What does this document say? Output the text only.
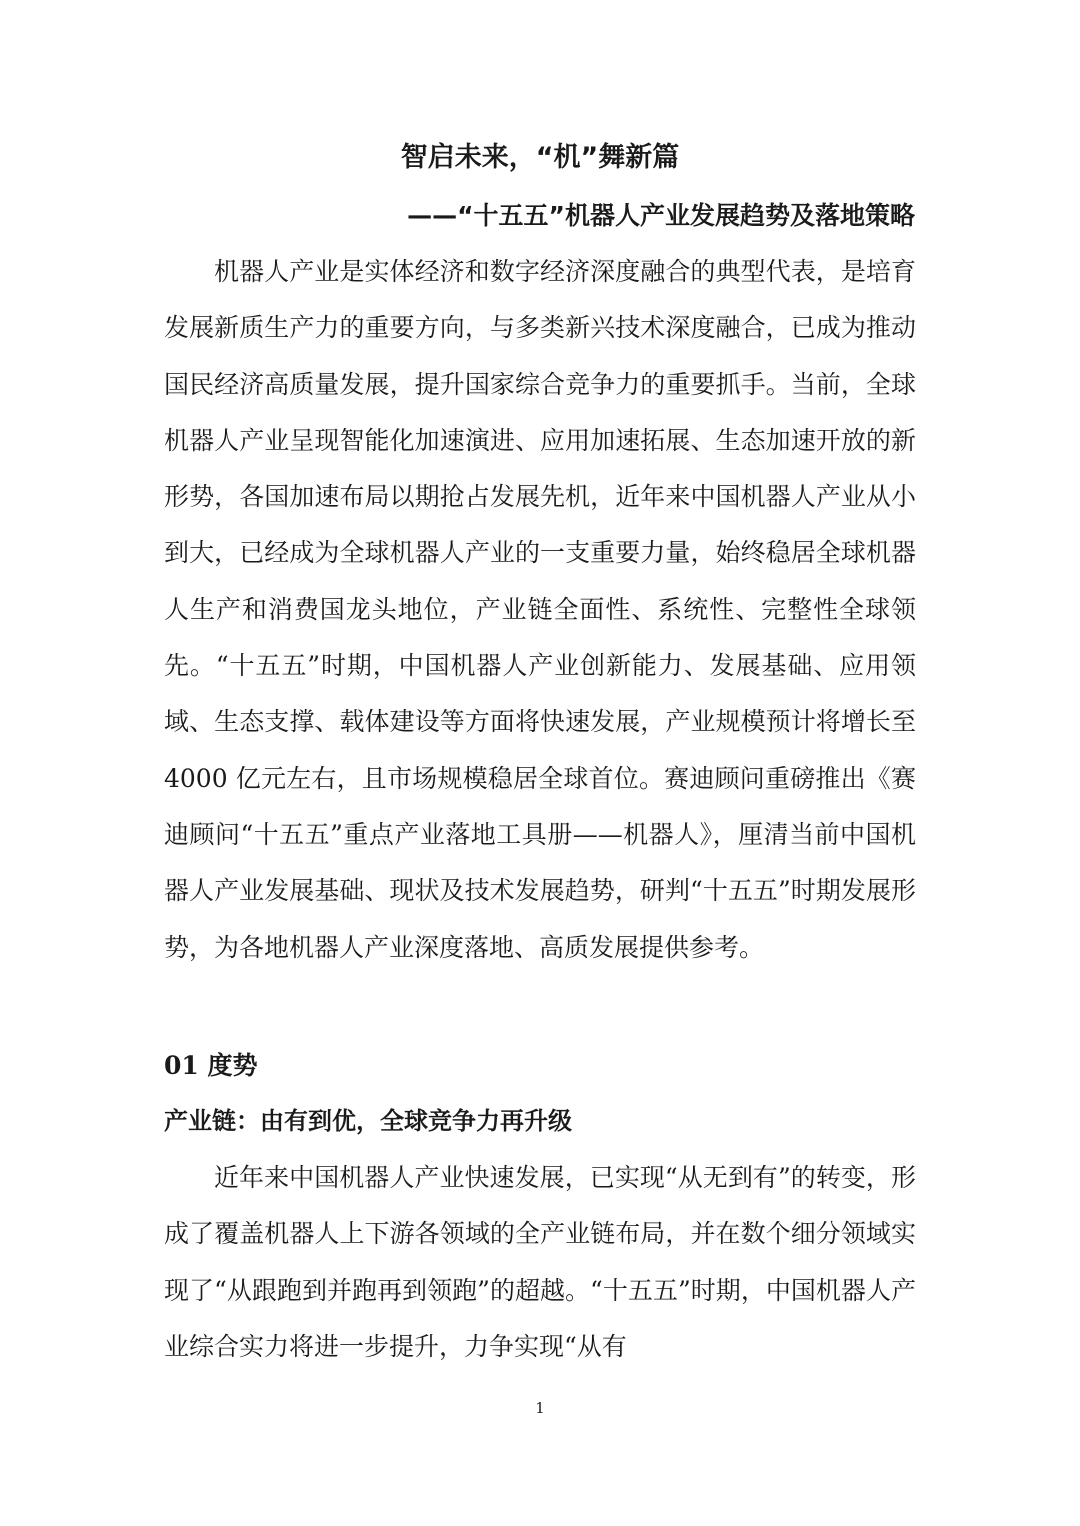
智启未来，“机”舞新篇
——“十五五”机器人产业发展趋势及落地策略

机器人产业是实体经济和数字经济深度融合的典型代表，是培育发展新质生产力的重要方向，与多类新兴技术深度融合，已成为推动国民经济高质量发展，提升国家综合竞争力的重要抓手。当前，全球机器人产业呈现智能化加速演进、应用加速拓展、生态加速开放的新形势，各国加速布局以期抢占发展先机，近年来中国机器人产业从小到大，已经成为全球机器人产业的一支重要力量，始终稳居全球机器人生产和消费国龙头地位，产业链全面性、系统性、完整性全球领先。“十五五”时期，中国机器人产业创新能力、发展基础、应用领域、生态支撑、载体建设等方面将快速发展，产业规模预计将增长至 4000 亿元左右，且市场规模稳居全球首位。赛迪顾问重磅推出《赛迪顾问“十五五”重点产业落地工具册——机器人》，厘清当前中国机器人产业发展基础、现状及技术发展趋势，研判“十五五”时期发展形势，为各地机器人产业深度落地、高质发展提供参考。

01 度势
产业链：由有到优，全球竞争力再升级

近年来中国机器人产业快速发展，已实现“从无到有”的转变，形成了覆盖机器人上下游各领域的全产业链布局，并在数个细分领域实现了“从跟跑到并跑再到领跑”的超越。“十五五”时期，中国机器人产业综合实力将进一步提升，力争实现“从有

1
